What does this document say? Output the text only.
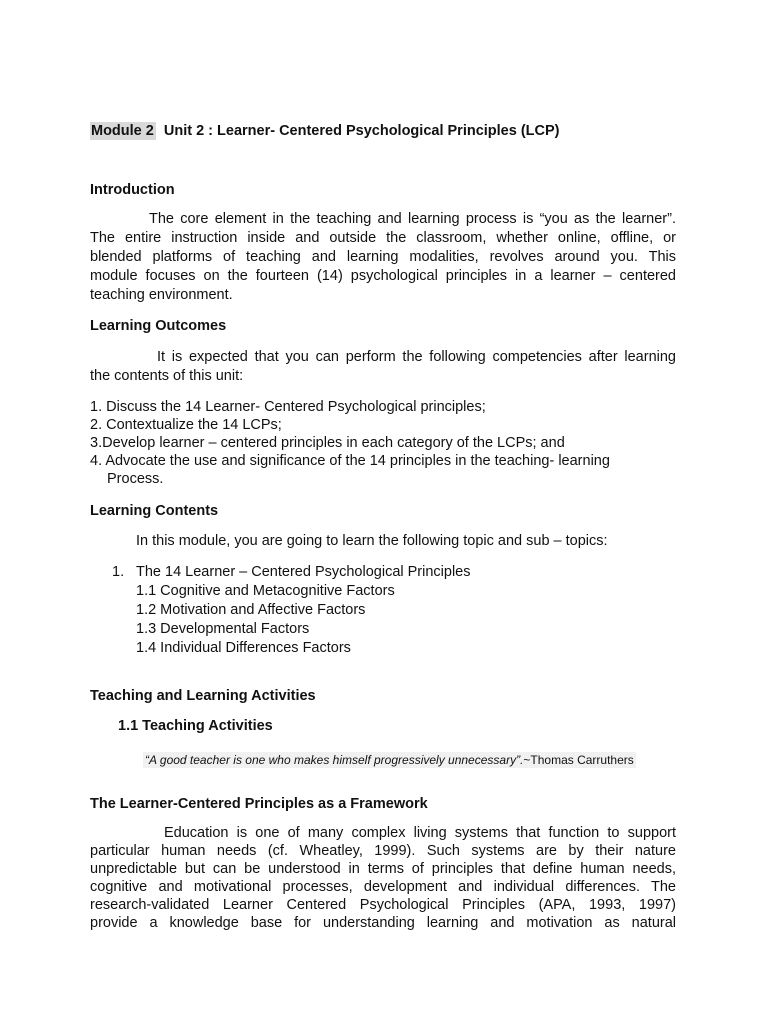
Module 2 Unit 2 : Learner- Centered Psychological Principles (LCP)
Introduction
The core element in the teaching and learning process is “you as the learner”.
The entire instruction inside and outside the classroom, whether online, offline, or
blended platforms of teaching and learning modalities, revolves around you. This
module focuses on the fourteen (14) psychological principles in a learner – centered
teaching environment.
Learning Outcomes
It is expected that you can perform the following competencies after learning
the contents of this unit:
1. Discuss the 14 Learner- Centered Psychological principles;
2. Contextualize the 14 LCPs;
3.Develop learner – centered principles in each category of the LCPs; and
4. Advocate the use and significance of the 14 principles in the teaching- learning
Process.
Learning Contents
In this module, you are going to learn the following topic and sub – topics:
1. The 14 Learner – Centered Psychological Principles
1.1 Cognitive and Metacognitive Factors
1.2 Motivation and Affective Factors
1.3 Developmental Factors
1.4 Individual Differences Factors
Teaching and Learning Activities
1.1 Teaching Activities
“A good teacher is one who makes himself progressively unnecessary”.~Thomas Carruthers
The Learner-Centered Principles as a Framework
Education is one of many complex living systems that function to support
particular human needs (cf. Wheatley, 1999). Such systems are by their nature
unpredictable but can be understood in terms of principles that define human needs,
cognitive and motivational processes, development and individual differences. The
research-validated Learner Centered Psychological Principles (APA, 1993, 1997)
provide a knowledge base for understanding learning and motivation as natural
